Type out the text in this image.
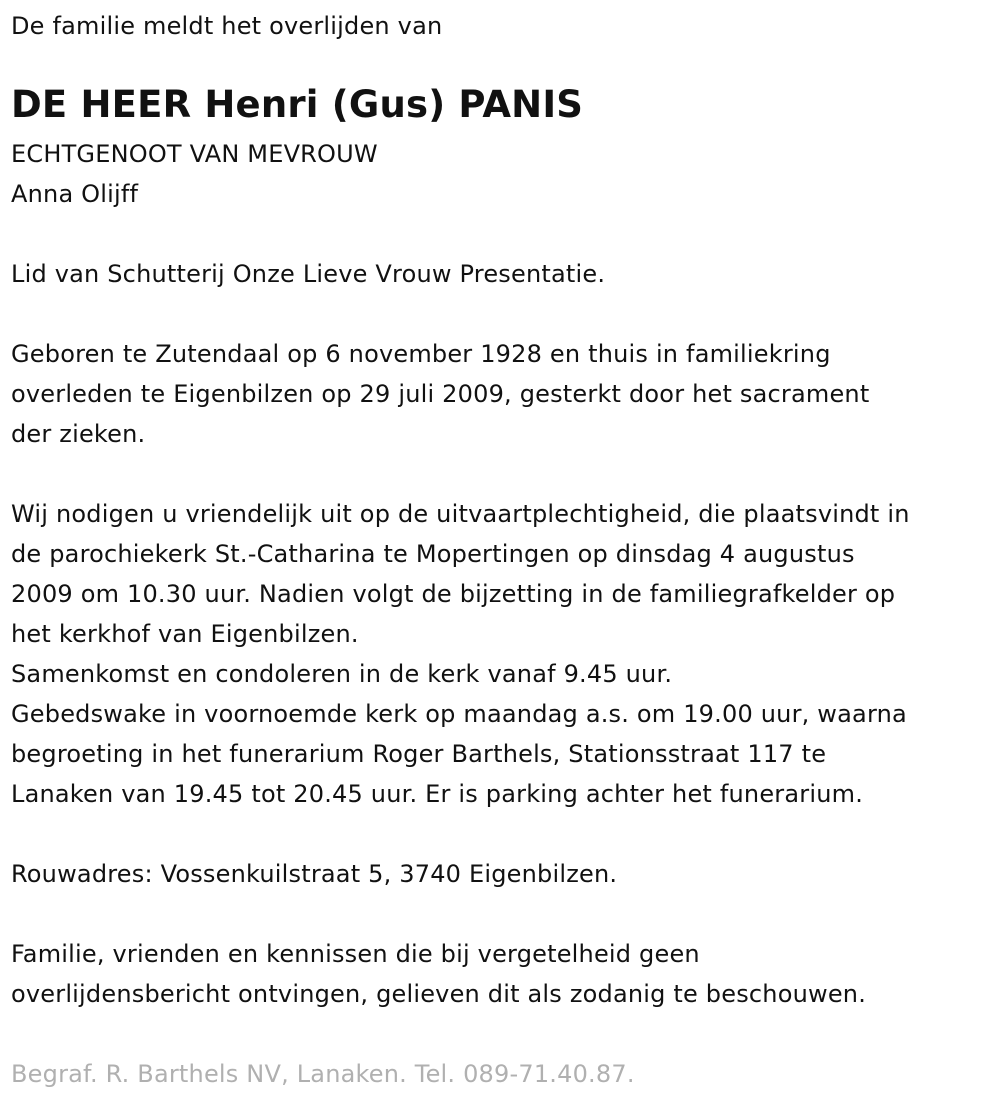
De familie meldt het overlijden van
DE HEER Henri (Gus) PANIS
ECHTGENOOT VAN MEVROUW
Anna Olijff
Lid van Schutterij Onze Lieve Vrouw Presentatie.
Geboren te Zutendaal op 6 november 1928 en thuis in familiekring
overleden te Eigenbilzen op 29 juli 2009, gesterkt door het sacrament
der zieken.
Wij nodigen u vriendelijk uit op de uitvaartplechtigheid, die plaatsvindt in
de parochiekerk St.-Catharina te Mopertingen op dinsdag 4 augustus
2009 om 10.30 uur. Nadien volgt de bijzetting in de familiegrafkelder op
het kerkhof van Eigenbilzen.
Samenkomst en condoleren in de kerk vanaf 9.45 uur.
Gebedswake in voornoemde kerk op maandag a.s. om 19.00 uur, waarna
begroeting in het funerarium Roger Barthels, Stationsstraat 117 te
Lanaken van 19.45 tot 20.45 uur. Er is parking achter het funerarium.
Rouwadres: Vossenkuilstraat 5, 3740 Eigenbilzen.
Familie, vrienden en kennissen die bij vergetelheid geen
overlijdensbericht ontvingen, gelieven dit als zodanig te beschouwen.
Begraf. R. Barthels NV, Lanaken. Tel. 089-71.40.87.
